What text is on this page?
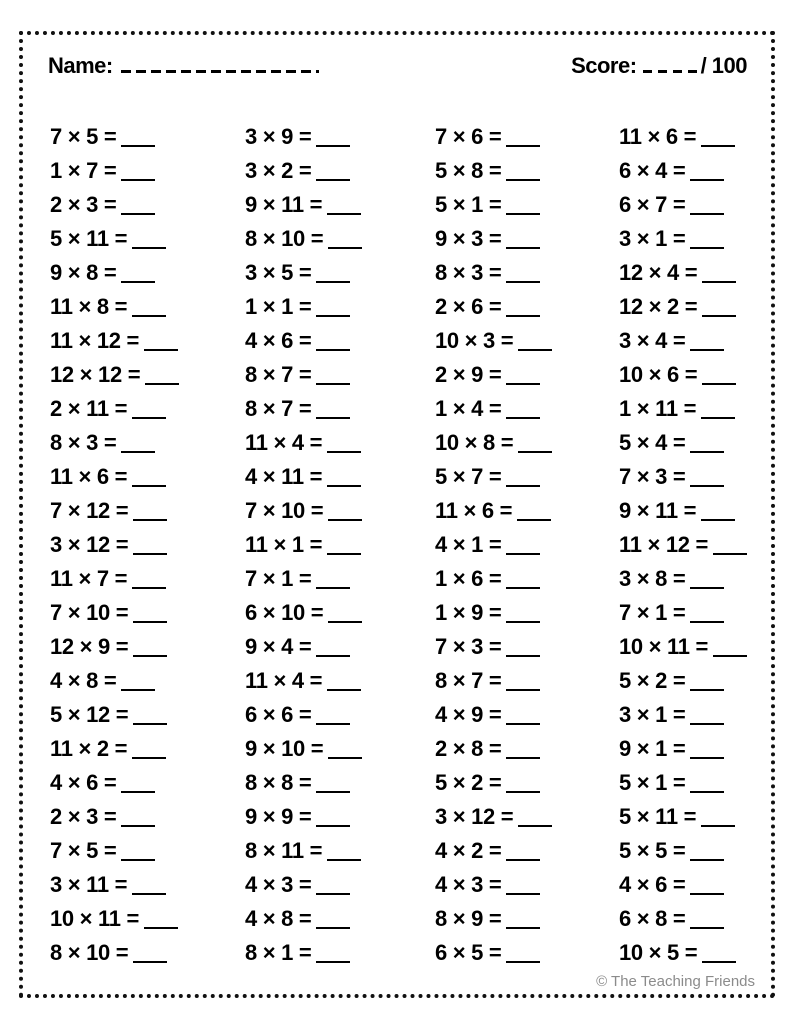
Name:	Score:	/ 100
7 × 5 =
1 × 7 =
2 × 3 =
5 × 11 =
9 × 8 =
11 × 8 =
11 × 12 =
12 × 12 =
2 × 11 =
8 × 3 =
11 × 6 =
7 × 12 =
3 × 12 =
11 × 7 =
7 × 10 =
12 × 9 =
4 × 8 =
5 × 12 =
11 × 2 =
4 × 6 =
2 × 3 =
7 × 5 =
3 × 11 =
10 × 11 =
8 × 10 =
3 × 9 =
3 × 2 =
9 × 11 =
8 × 10 =
3 × 5 =
1 × 1 =
4 × 6 =
8 × 7 =
8 × 7 =
11 × 4 =
4 × 11 =
7 × 10 =
11 × 1 =
7 × 1 =
6 × 10 =
9 × 4 =
11 × 4 =
6 × 6 =
9 × 10 =
8 × 8 =
9 × 9 =
8 × 11 =
4 × 3 =
4 × 8 =
8 × 1 =
7 × 6 =
5 × 8 =
5 × 1 =
9 × 3 =
8 × 3 =
2 × 6 =
10 × 3 =
2 × 9 =
1 × 4 =
10 × 8 =
5 × 7 =
11 × 6 =
4 × 1 =
1 × 6 =
1 × 9 =
7 × 3 =
8 × 7 =
4 × 9 =
2 × 8 =
5 × 2 =
3 × 12 =
4 × 2 =
4 × 3 =
8 × 9 =
6 × 5 =
11 × 6 =
6 × 4 =
6 × 7 =
3 × 1 =
12 × 4 =
12 × 2 =
3 × 4 =
10 × 6 =
1 × 11 =
5 × 4 =
7 × 3 =
9 × 11 =
11 × 12 =
3 × 8 =
7 × 1 =
10 × 11 =
5 × 2 =
3 × 1 =
9 × 1 =
5 × 1 =
5 × 11 =
5 × 5 =
4 × 6 =
6 × 8 =
10 × 5 =
© The Teaching Friends
